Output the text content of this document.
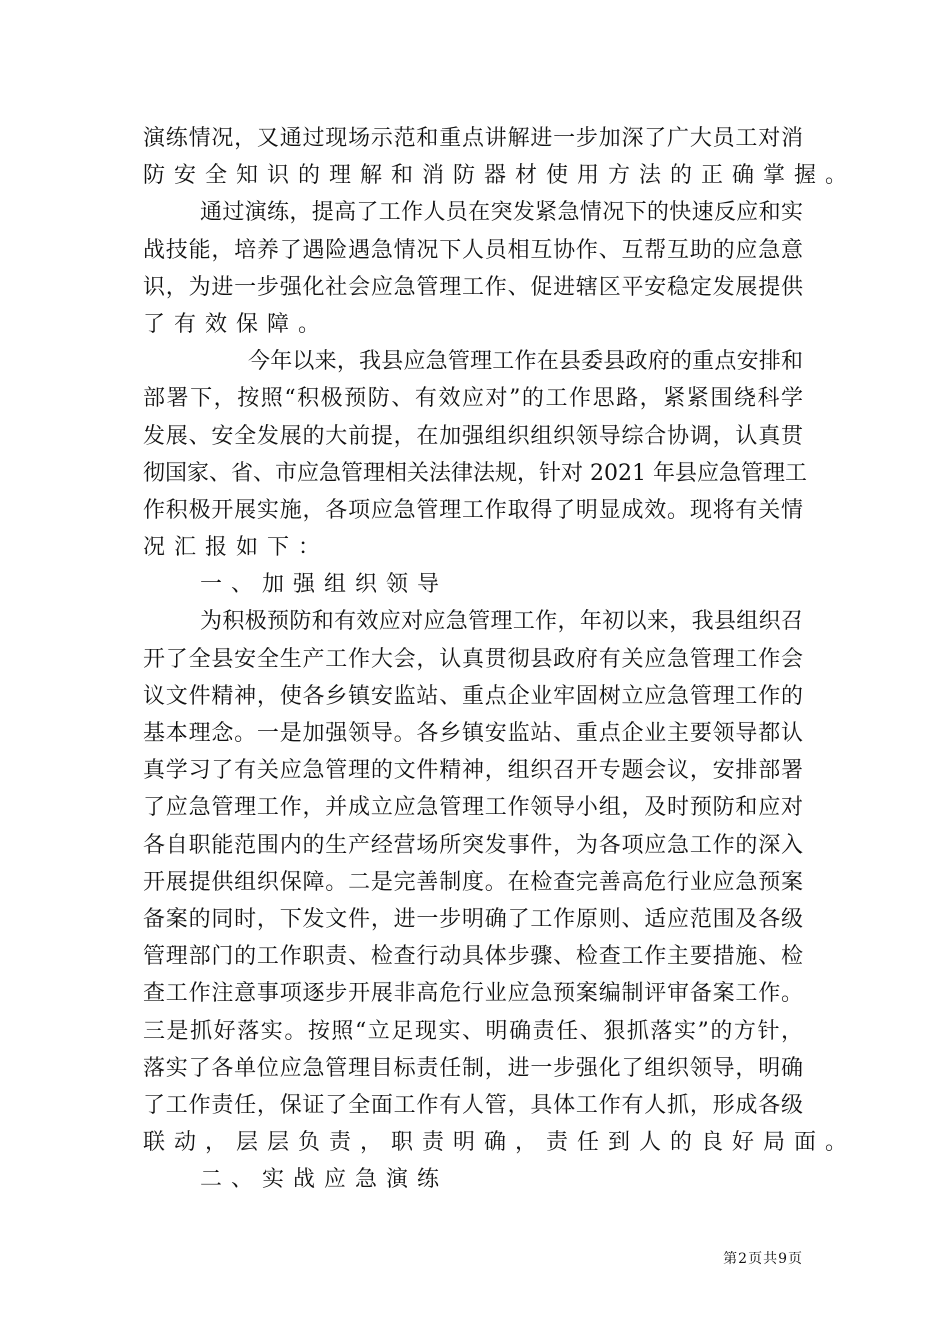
演练情况，又通过现场示范和重点讲解进一步加深了广大员工对消
防安全知识的理解和消防器材使用方法的正确掌握。
通过演练，提高了工作人员在突发紧急情况下的快速反应和实
战技能，培养了遇险遇急情况下人员相互协作、互帮互助的应急意
识，为进一步强化社会应急管理工作、促进辖区平安稳定发展提供
了有效保障。
今年以来，我县应急管理工作在县委县政府的重点安排和
部署下，按照“积极预防、有效应对”的工作思路，紧紧围绕科学
发展、安全发展的大前提，在加强组织组织领导综合协调，认真贯
彻国家、省、市应急管理相关法律法规，针对 2021 年县应急管理工
作积极开展实施，各项应急管理工作取得了明显成效。现将有关情
况汇报如下：
一、加强组织领导
为积极预防和有效应对应急管理工作，年初以来，我县组织召
开了全县安全生产工作大会，认真贯彻县政府有关应急管理工作会
议文件精神，使各乡镇安监站、重点企业牢固树立应急管理工作的
基本理念。一是加强领导。各乡镇安监站、重点企业主要领导都认
真学习了有关应急管理的文件精神，组织召开专题会议，安排部署
了应急管理工作，并成立应急管理工作领导小组，及时预防和应对
各自职能范围内的生产经营场所突发事件，为各项应急工作的深入
开展提供组织保障。二是完善制度。在检查完善高危行业应急预案
备案的同时，下发文件，进一步明确了工作原则、适应范围及各级
管理部门的工作职责、检查行动具体步骤、检查工作主要措施、检
查工作注意事项逐步开展非高危行业应急预案编制评审备案工作。
三是抓好落实。按照“立足现实、明确责任、狠抓落实”的方针，
落实了各单位应急管理目标责任制，进一步强化了组织领导，明确
了工作责任，保证了全面工作有人管，具体工作有人抓，形成各级
联动，层层负责，职责明确，责任到人的良好局面。
二、实战应急演练
第2页共9页
